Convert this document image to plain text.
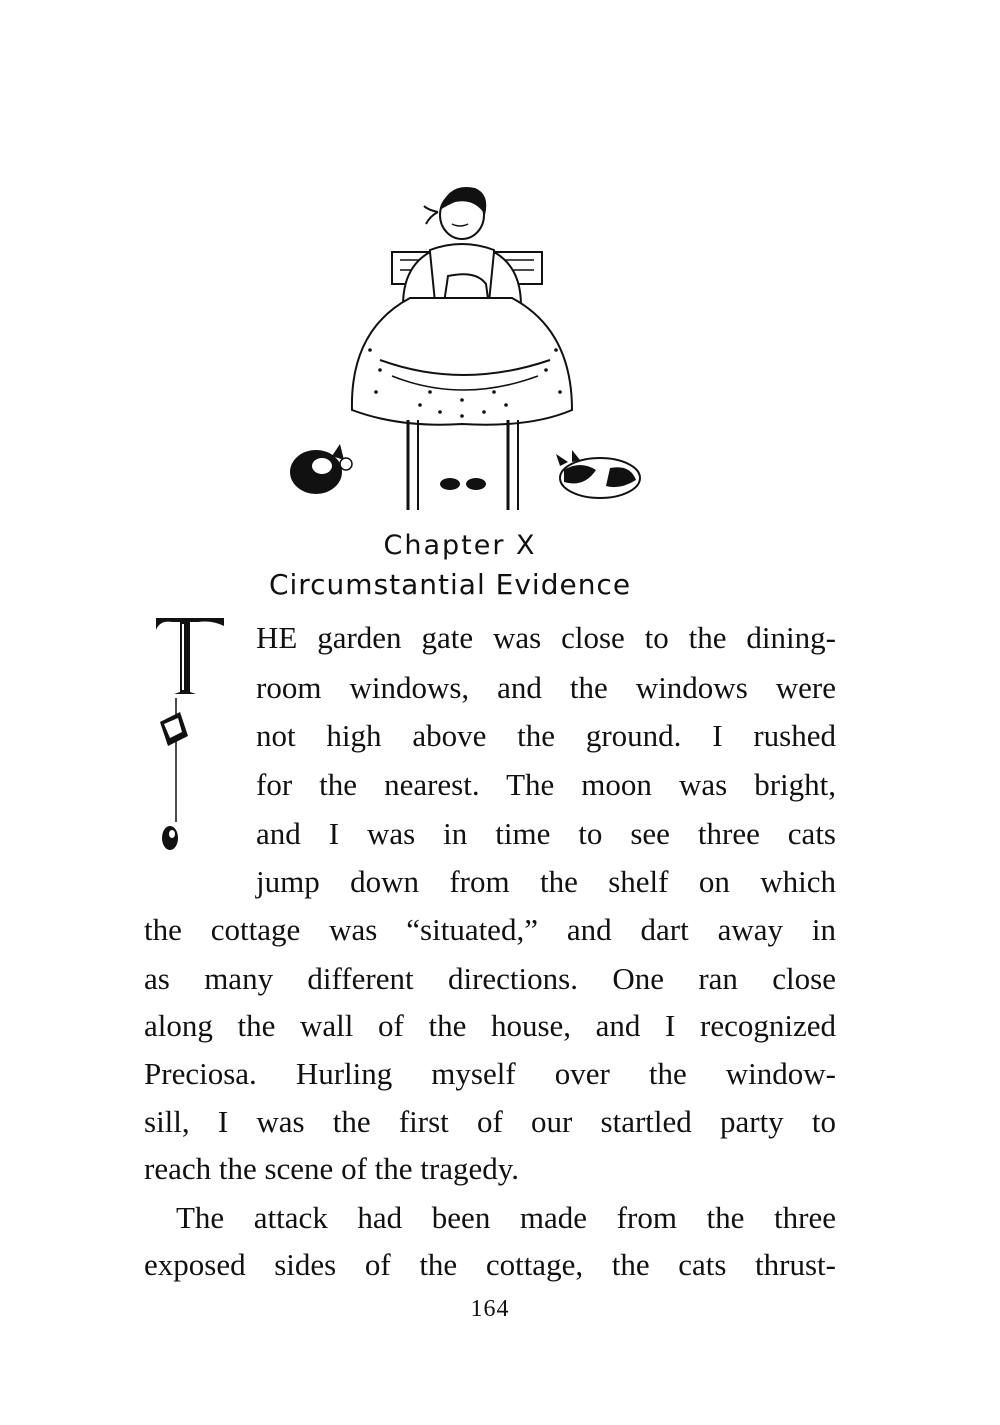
Chapter X
Circumstantial Evidence
HE garden gate was close to the dining-
room windows, and the windows were
not high above the ground. I rushed
for the nearest. The moon was bright,
and I was in time to see three cats
jump down from the shelf on which
the cottage was “situated,” and dart away in
as many different directions. One ran close
along the wall of the house, and I recognized
Preciosa. Hurling myself over the window-
sill, I was the first of our startled party to
reach the scene of the tragedy.
The attack had been made from the three
exposed sides of the cottage, the cats thrust-
164
